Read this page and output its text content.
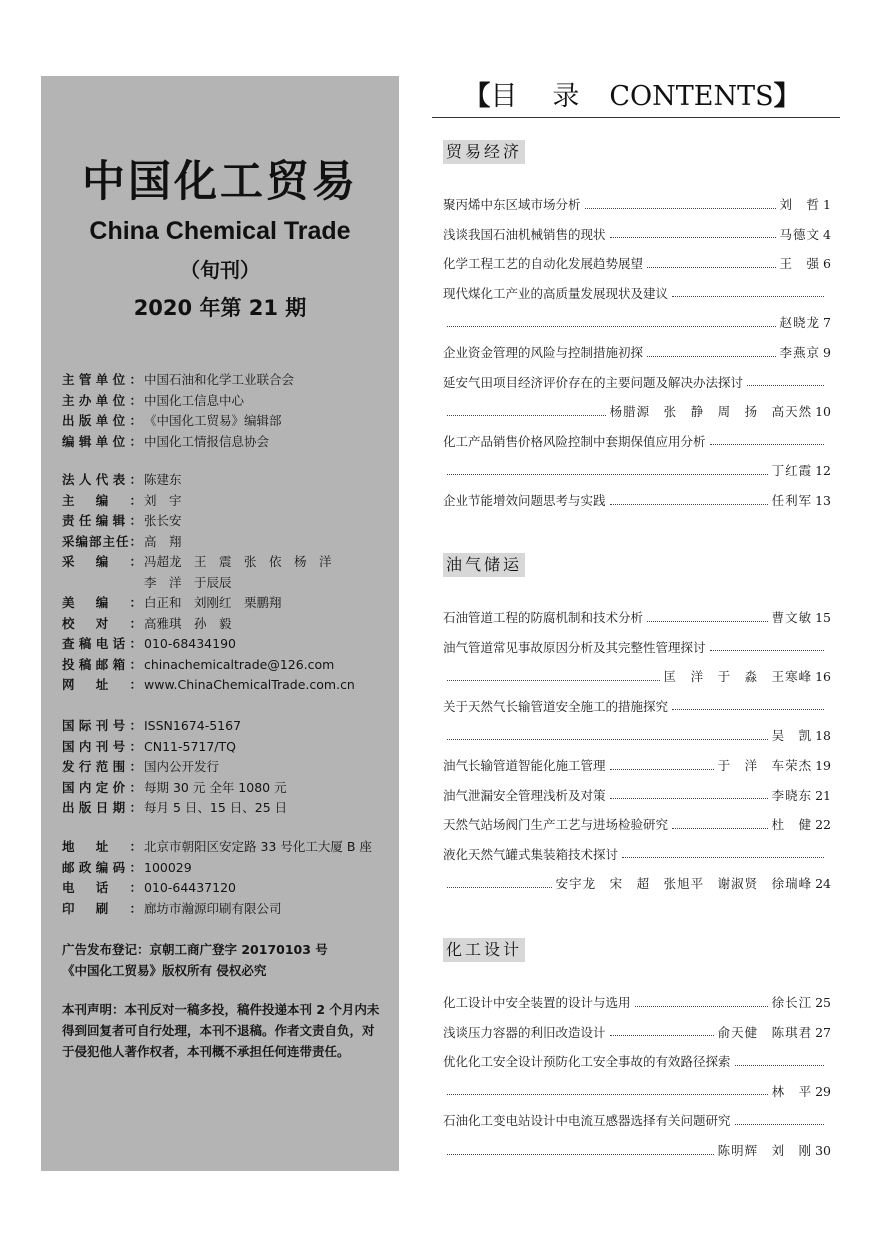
中国化工贸易
China Chemical Trade
（旬刊）
2020 年第 21 期
主管单位： 中国石油和化学工业联合会
主办单位： 中国化工信息中心
出版单位： 《中国化工贸易》编辑部
编辑单位： 中国化工情报信息协会
法人代表： 陈建东
主编： 刘　宇
责任编辑： 张长安
采编部主任： 高　翔
采编： 冯超龙　王　震　张　依　杨　洋
李　洋　于辰辰
美编： 白正和　刘刚红　栗鹏翔
校对： 高雅琪　孙　毅
查稿电话： 010-68434190
投稿邮箱： chinachemicaltrade@126.com
网址： www.ChinaChemicalTrade.com.cn
国际刊号： ISSN1674-5167
国内刊号： CN11-5717/TQ
发行范围： 国内公开发行
国内定价： 每期 30 元 全年 1080 元
出版日期： 每月 5 日、15 日、25 日
地址： 北京市朝阳区安定路 33 号化工大厦 B 座
邮政编码： 100029
电话： 010-64437120
印刷： 廊坊市瀚源印刷有限公司
广告发布登记：京朝工商广登字 20170103 号
《中国化工贸易》版权所有 侵权必究
本刊声明：本刊反对一稿多投，稿件投递本刊 2 个月内未得到回复者可自行处理，本刊不退稿。作者文责自负，对于侵犯他人著作权者，本刊概不承担任何连带责任。
【目　录 CONTENTS】
贸易经济
聚丙烯中东区域市场分析	刘　哲 1
浅谈我国石油机械销售的现状	马德文 4
化学工程工艺的自动化发展趋势展望	王　强 6
现代煤化工产业的高质量发展现状及建议
赵晓龙 7
企业资金管理的风险与控制措施初探	李燕京 9
延安气田项目经济评价存在的主要问题及解决办法探讨
杨腊源　张　静　周　扬　高天然 10
化工产品销售价格风险控制中套期保值应用分析
丁红霞 12
企业节能增效问题思考与实践	任利军 13
油气储运
石油管道工程的防腐机制和技术分析	曹文敏 15
油气管道常见事故原因分析及其完整性管理探讨
匡　洋　于　淼　王寒峰 16
关于天然气长输管道安全施工的措施探究
吴　凯 18
油气长输管道智能化施工管理	于　洋　车荣杰 19
油气泄漏安全管理浅析及对策	李晓东 21
天然气站场阀门生产工艺与进场检验研究	杜　健 22
液化天然气罐式集装箱技术探讨
安宇龙　宋　超　张旭平　谢淑贤　徐瑞峰 24
化工设计
化工设计中安全装置的设计与选用	徐长江 25
浅谈压力容器的利旧改造设计	俞天健　陈琪君 27
优化化工安全设计预防化工安全事故的有效路径探索
林　平 29
石油化工变电站设计中电流互感器选择有关问题研究
陈明辉　刘　刚 30
